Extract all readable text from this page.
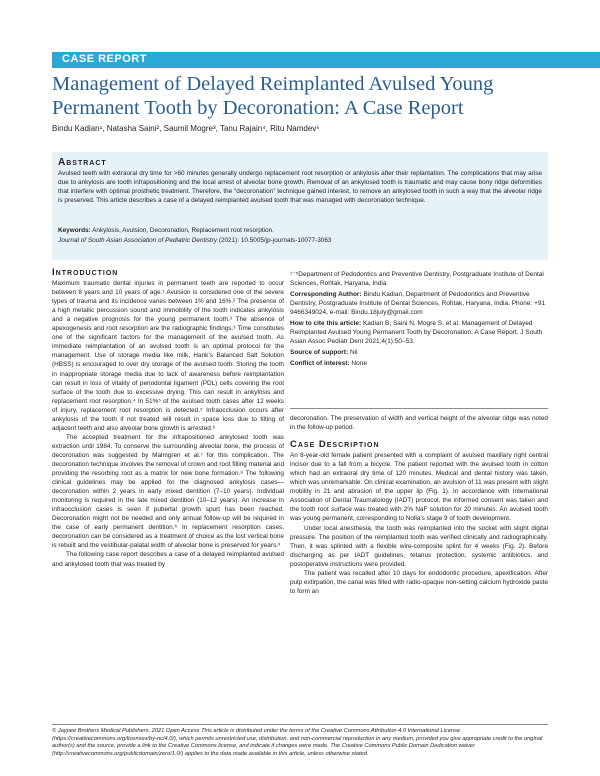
CASE REPORT
Management of Delayed Reimplanted Avulsed Young Permanent Tooth by Decoronation: A Case Report
Bindu Kadian¹, Natasha Saini², Saumil Mogre³, Tanu Rajain⁴, Ritu Namdev⁵
Abstract
Avulsed teeth with extraoral dry time for >60 minutes generally undergo replacement root resorption or ankylosis after their replantation. The complications that may arise due to ankylosis are tooth infrapositioning and the local arrest of alveolar bone growth. Removal of an ankylosed tooth is traumatic and may cause bony ridge deformities that interfere with optimal prosthetic treatment. Therefore, the “decoronation” technique gained interest, to remove an ankylosed tooth in such a way that the alveolar ridge is preserved. This article describes a case of a delayed reimplanted avulsed tooth that was managed with decoronation technique.
Keywords: Ankylosis, Avulsion, Decoronation, Replacement root resorption.
Journal of South Asian Association of Pediatric Dentistry (2021): 10.5005/jp-journals-10077-3063
Introduction

Maximum traumatic dental injuries in permanent teeth are reported to occur between 8 years and 10 years of age.¹ Avulsion is considered one of the severe types of trauma and its incidence varies between 1% and 16%.² The presence of a high metallic percussion sound and immobility of the tooth indicates ankylosis and a negative prognosis for the young permanent tooth.³ The absence of apexogenesis and root resorption are the radiographic findings.³ Time constitutes one of the significant factors for the management of the avulsed tooth. As immediate reimplantation of an avulsed tooth is an optimal protocol for the management. Use of storage media like milk, Hank’s Balanced Salt Solution (HBSS) is encouraged to over dry storage of the avulsed tooth. Storing the tooth in inappropriate storage media due to lack of awareness before reimplantation can result in loss of vitality of periodontal ligament (PDL) cells covering the root surface of the tooth due to excessive drying. This can result in ankylosis and replacement root resorption.⁴ In 51%⁵ of the avulsed tooth cases after 12 weeks of injury, replacement root resorption is detected.⁵ Infraocclusion occurs after ankylosis of the tooth if not treated will result in space loss due to tilting of adjacent teeth and also alveolar bone growth is arrested.⁶

The accepted treatment for the infrapositioned ankylosed tooth was extraction until 1984. To conserve the surrounding alveolar bone, the process of decoronation was suggested by Malmgren et al.⁷ for this complication. The decoronation technique involves the removal of crown and root filling material and providing the resorbing root as a matrix for new bone formation.⁸ The following clinical guidelines may be applied for the diagnosed ankylosis cases—decoronation within 2 years in early mixed dentition (7–10 years). Individual monitoring is required in the late mixed dentition (10–12 years). An increase in infraocclusion cases is seen if pubertal growth spurt has been reached. Decoronation might not be needed and only annual follow-up will be required in the case of early permanent dentition.⁶ In replacement resorption cases, decoronation can be considered as a treatment of choice as the lost vertical bone is rebuilt and the vestibular-palatal width of alveolar bone is preserved for years.³

The following case report describes a case of a delayed reimplanted avulsed and ankylosed tooth that was treated by

¹⁻⁵Department of Pedodontics and Preventive Dentistry, Postgraduate Institute of Dental Sciences, Rohtak, Haryana, India

Corresponding Author: Bindu Kadian, Department of Pedodontics and Preventive Dentistry, Postgraduate Institute of Dental Sciences, Rohtak, Haryana, India, Phone: +91 9466349024, e-mail: Bindu.18july@gmail.com

How to cite this article: Kadian B, Saini N, Mogre S, et al. Management of Delayed Reimplanted Avulsed Young Permanent Tooth by Decoronation: A Case Report. J South Asian Assoc Pediatr Dent 2021;4(1):50–53.

Source of support: Nil

Conflict of interest: None

decoronation. The preservation of width and vertical height of the alveolar ridge was noted in the follow-up period.

Case Description

An 8-year-old female patient presented with a complaint of avulsed maxillary right central incisor due to a fall from a bicycle. The patient reported with the avulsed tooth in cotton which had an extraoral dry time of 120 minutes. Medical and dental history was taken, which was unremarkable. On clinical examination, an avulsion of 11 was present with slight mobility in 21 and abrasion of the upper lip (Fig. 1). In accordance with International Association of Dental Traumatology (IADT) protocol, the informed consent was taken and the tooth root surface was treated with 2% NaF solution for 20 minutes. An avulsed tooth was young permanent, corresponding to Nolla’s stage 9 of tooth development.

Under local anesthesia, the tooth was reimplanted into the socket with slight digital pressure. The position of the reimplanted tooth was verified clinically and radiographically. Then, it was splinted with a flexible wire-composite splint for 4 weeks (Fig. 2). Before discharging as per IADT guidelines, tetanus protection, systemic antibiotics, and postoperative instructions were provided.

The patient was recalled after 10 days for endodontic procedure, apexification. After pulp extirpation, the canal was filled with radio-opaque non-setting calcium hydroxide paste to form an

© Jaypee Brothers Medical Publishers. 2021 Open Access This article is distributed under the terms of the Creative Commons Attribution 4.0 International License (https://creativecommons.org/licenses/by-nc/4.0/), which permits unrestricted use, distribution, and non-commercial reproduction in any medium, provided you give appropriate credit to the original author(s) and the source, provide a link to the Creative Commons license, and indicate if changes were made. The Creative Commons Public Domain Dedication waiver (http://creativecommons.org/publicdomain/zero/1.0/) applies to the data made available in this article, unless otherwise stated.
